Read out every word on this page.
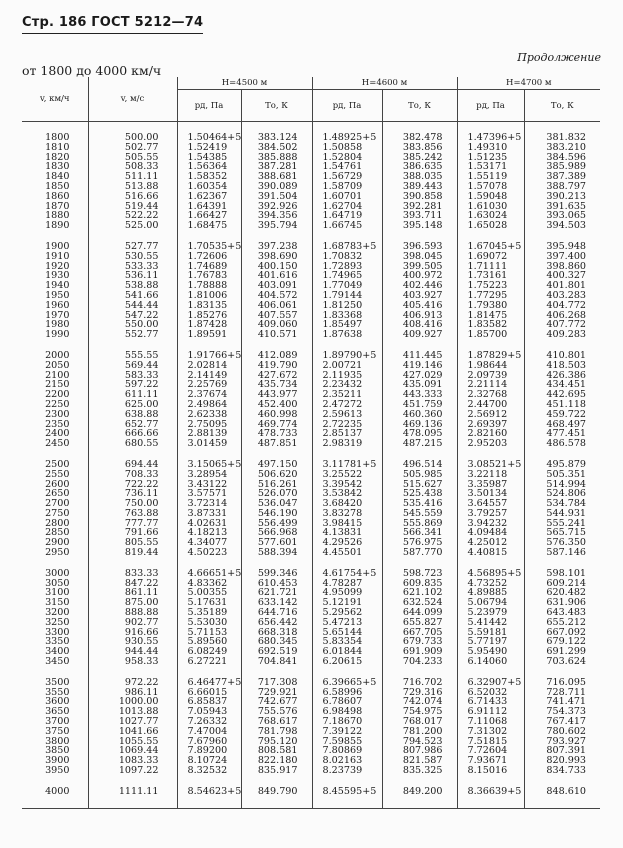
Стр. 186 ГОСТ 5212—74
Продолжение
от 1800 до 4000 км/ч
v, км/ч	v, м/с	H=4500 м		H=4600 м		H=4700 м	
		pд, Па	Tо, К	pд, Па	Tо, К	pд, Па	Tо, К

1800	500.00	1.50464+5	383.124	1.48925+5	382.478	1.47396+5	381.832
1810	502.77	1.52419	384.502	1.50858	383.856	1.49310	383.210
1820	505.55	1.54385	385.888	1.52804	385.242	1.51235	384.596
1830	508.33	1.56364	387.281	1.54761	386.635	1.53171	385.989
1840	511.11	1.58352	388.681	1.56729	388.035	1.55119	387.389
1850	513.88	1.60354	390.089	1.58709	389.443	1.57078	388.797
1860	516.66	1.62367	391.504	1.60701	390.858	1.59048	390.213
1870	519.44	1.64391	392.926	1.62704	392.281	1.61030	391.635
1880	522.22	1.66427	394.356	1.64719	393.711	1.63024	393.065
1890	525.00	1.68475	395.794	1.66745	395.148	1.65028	394.503

1900	527.77	1.70535+5	397.238	1.68783+5	396.593	1.67045+5	395.948
1910	530.55	1.72606	398.690	1.70832	398.045	1.69072	397.400
1920	533.33	1.74689	400.150	1.72893	399.505	1.71111	398.860
1930	536.11	1.76783	401.616	1.74965	400.972	1.73161	400.327
1940	538.88	1.78888	403.091	1.77049	402.446	1.75223	401.801
1950	541.66	1.81006	404.572	1.79144	403.927	1.77295	403.283
1960	544.44	1.83135	406.061	1.81250	405.416	1.79380	404.772
1970	547.22	1.85276	407.557	1.83368	406.913	1.81475	406.268
1980	550.00	1.87428	409.060	1.85497	408.416	1.83582	407.772
1990	552.77	1.89591	410.571	1.87638	409.927	1.85700	409.283

2000	555.55	1.91766+5	412.089	1.89790+5	411.445	1.87829+5	410.801
2050	569.44	2.02814	419.790	2.00721	419.146	1.98644	418.503
2100	583.33	2.14149	427.672	2.11935	427.029	2.09739	426.386
2150	597.22	2.25769	435.734	2.23432	435.091	2.21114	434.451
2200	611.11	2.37674	443.977	2.35211	443.333	2.32768	442.695
2250	625.00	2.49864	452.400	2.47272	451.759	2.44700	451.118
2300	638.88	2.62338	460.998	2.59613	460.360	2.56912	459.722
2350	652.77	2.75095	469.774	2.72235	469.136	2.69397	468.497
2400	666.66	2.88139	478.733	2.85137	478.095	2.82160	477.451
2450	680.55	3.01459	487.851	2.98319	487.215	2.95203	486.578

2500	694.44	3.15065+5	497.150	3.11781+5	496.514	3.08521+5	495.879
2550	708.33	3.28954	506.620	3.25522	505.985	3.22118	505.351
2600	722.22	3.43122	516.261	3.39542	515.627	3.35987	514.994
2650	736.11	3.57571	526.070	3.53842	525.438	3.50134	524.806
2700	750.00	3.72314	536.047	3.68420	535.416	3.64557	534.784
2750	763.88	3.87331	546.190	3.83278	545.559	3.79257	544.931
2800	777.77	4.02631	556.499	3.98415	555.869	3.94232	555.241
2850	791.66	4.18213	566.968	4.13831	566.341	4.09484	565.715
2900	805.55	4.34077	577.601	4.29526	576.975	4.25012	576.350
2950	819.44	4.50223	588.394	4.45501	587.770	4.40815	587.146

3000	833.33	4.66651+5	599.346	4.61754+5	598.723	4.56895+5	598.101
3050	847.22	4.83362	610.453	4.78287	609.835	4.73252	609.214
3100	861.11	5.00355	621.721	4.95099	621.102	4.89885	620.482
3150	875.00	5.17631	633.142	5.12191	632.524	5.06794	631.906
3200	888.88	5.35189	644.716	5.29562	644.099	5.23979	643.483
3250	902.77	5.53030	656.442	5.47213	655.827	5.41442	655.212
3300	916.66	5.71153	668.318	5.65144	667.705	5.59181	667.092
3350	930.55	5.89560	680.345	5.83354	679.733	5.77197	679.122
3400	944.44	6.08249	692.519	6.01844	691.909	5.95490	691.299
3450	958.33	6.27221	704.841	6.20615	704.233	6.14060	703.624

3500	972.22	6.46477+5	717.308	6.39665+5	716.702	6.32907+5	716.095
3550	986.11	6.66015	729.921	6.58996	729.316	6.52032	728.711
3600	1000.00	6.85837	742.677	6.78607	742.074	6.71433	741.471
3650	1013.88	7.05943	755.576	6.98498	754.975	6.91112	754.373
3700	1027.77	7.26332	768.617	7.18670	768.017	7.11068	767.417
3750	1041.66	7.47004	781.798	7.39122	781.200	7.31302	780.602
3800	1055.55	7.67960	795.120	7.59855	794.523	7.51815	793.927
3850	1069.44	7.89200	808.581	7.80869	807.986	7.72604	807.391
3900	1083.33	8.10724	822.180	8.02163	821.587	7.93671	820.993
3950	1097.22	8.32532	835.917	8.23739	835.325	8.15016	834.733

4000	1111.11	8.54623+5	849.790	8.45595+5	849.200	8.36639+5	848.610
